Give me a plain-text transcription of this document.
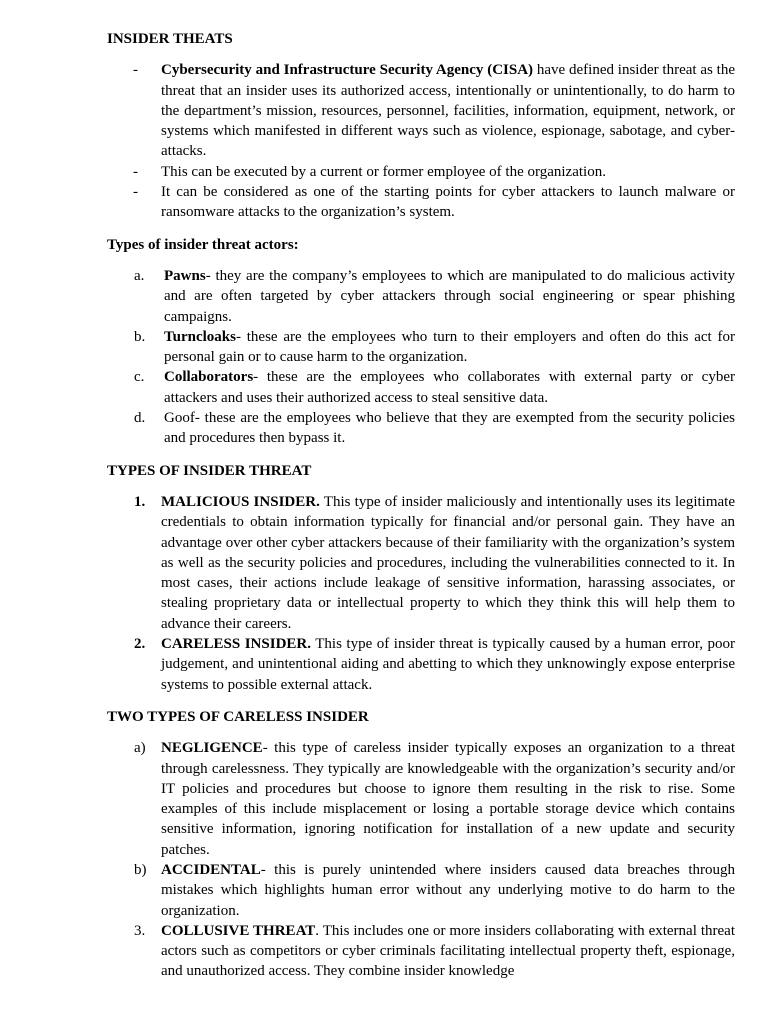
INSIDER THEATS

- Cybersecurity and Infrastructure Security Agency (CISA) have defined insider threat as the threat that an insider uses its authorized access, intentionally or unintentionally, to do harm to the department’s mission, resources, personnel, facilities, information, equipment, network, or systems which manifested in different ways such as violence, espionage, sabotage, and cyber-attacks.
- This can be executed by a current or former employee of the organization.
- It can be considered as one of the starting points for cyber attackers to launch malware or ransomware attacks to the organization’s system.

Types of insider threat actors:

a. Pawns- they are the company’s employees to which are manipulated to do malicious activity and are often targeted by cyber attackers through social engineering or spear phishing campaigns.
b. Turncloaks- these are the employees who turn to their employers and often do this act for personal gain or to cause harm to the organization.
c. Collaborators- these are the employees who collaborates with external party or cyber attackers and uses their authorized access to steal sensitive data.
d. Goof- these are the employees who believe that they are exempted from the security policies and procedures then bypass it.

TYPES OF INSIDER THREAT

1. MALICIOUS INSIDER. This type of insider maliciously and intentionally uses its legitimate credentials to obtain information typically for financial and/or personal gain. They have an advantage over other cyber attackers because of their familiarity with the organization’s system as well as the security policies and procedures, including the vulnerabilities connected to it. In most cases, their actions include leakage of sensitive information, harassing associates, or stealing proprietary data or intellectual property to which they think this will help them to advance their careers.
2. CARELESS INSIDER. This type of insider threat is typically caused by a human error, poor judgement, and unintentional aiding and abetting to which they unknowingly expose enterprise systems to possible external attack.

TWO TYPES OF CARELESS INSIDER

a) NEGLIGENCE- this type of careless insider typically exposes an organization to a threat through carelessness. They typically are knowledgeable with the organization’s security and/or IT policies and procedures but choose to ignore them resulting in the risk to rise. Some examples of this include misplacement or losing a portable storage device which contains sensitive information, ignoring notification for installation of a new update and security patches.
b) ACCIDENTAL- this is purely unintended where insiders caused data breaches through mistakes which highlights human error without any underlying motive to do harm to the organization.
3. COLLUSIVE THREAT. This includes one or more insiders collaborating with external threat actors such as competitors or cyber criminals facilitating intellectual property theft, espionage, and unauthorized access. They combine insider knowledge
